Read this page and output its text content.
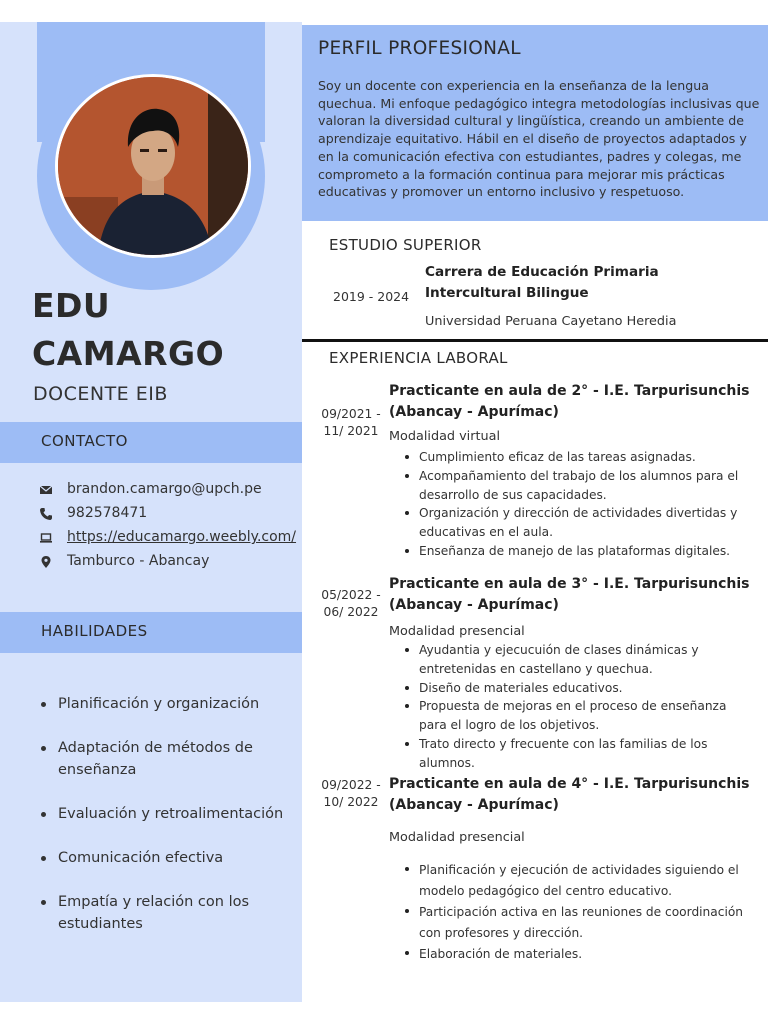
EDU
CAMARGO
DOCENTE EIB
CONTACTO
brandon.camargo@upch.pe
982578471
https://educamargo.weebly.com/
Tamburco - Abancay
HABILIDADES
Planificación y organización
Adaptación de métodos de enseñanza
Evaluación y retroalimentación
Comunicación efectiva
Empatía y relación con los estudiantes
PERFIL PROFESIONAL
Soy un docente con experiencia en la enseñanza de la lengua quechua. Mi enfoque pedagógico integra metodologías inclusivas que valoran la diversidad cultural y lingüística, creando un ambiente de aprendizaje equitativo. Hábil en el diseño de proyectos adaptados y en la comunicación efectiva con estudiantes, padres y colegas, me comprometo a la formación continua para mejorar mis prácticas educativas y promover un entorno inclusivo y respetuoso.
ESTUDIO SUPERIOR
2019 - 2024
Carrera de Educación Primaria Intercultural Bilingue
Universidad Peruana Cayetano Heredia
EXPERIENCIA LABORAL
09/2021 - 11/ 2021
Practicante en aula de 2° - I.E. Tarpurisunchis (Abancay - Apurímac)
Modalidad virtual
Cumplimiento eficaz de las tareas asignadas.
Acompañamiento del trabajo de los alumnos para el desarrollo de sus capacidades.
Organización y dirección de actividades divertidas y educativas en el aula.
Enseñanza de manejo de las plataformas digitales.
05/2022 - 06/ 2022
Practicante en aula de 3° - I.E. Tarpurisunchis (Abancay - Apurímac)
Modalidad presencial
Ayudantia y ejecucuión de clases dinámicas y entretenidas en castellano y quechua.
Diseño de materiales educativos.
Propuesta de mejoras en el proceso de enseñanza para el logro de los objetivos.
Trato directo y frecuente con las familias de los alumnos.
09/2022 - 10/ 2022
Practicante en aula de 4° - I.E. Tarpurisunchis (Abancay - Apurímac)
Modalidad presencial
Planificación y ejecución de actividades siguiendo el modelo pedagógico del centro educativo.
Participación activa en las reuniones de coordinación con profesores y dirección.
Elaboración de materiales.
